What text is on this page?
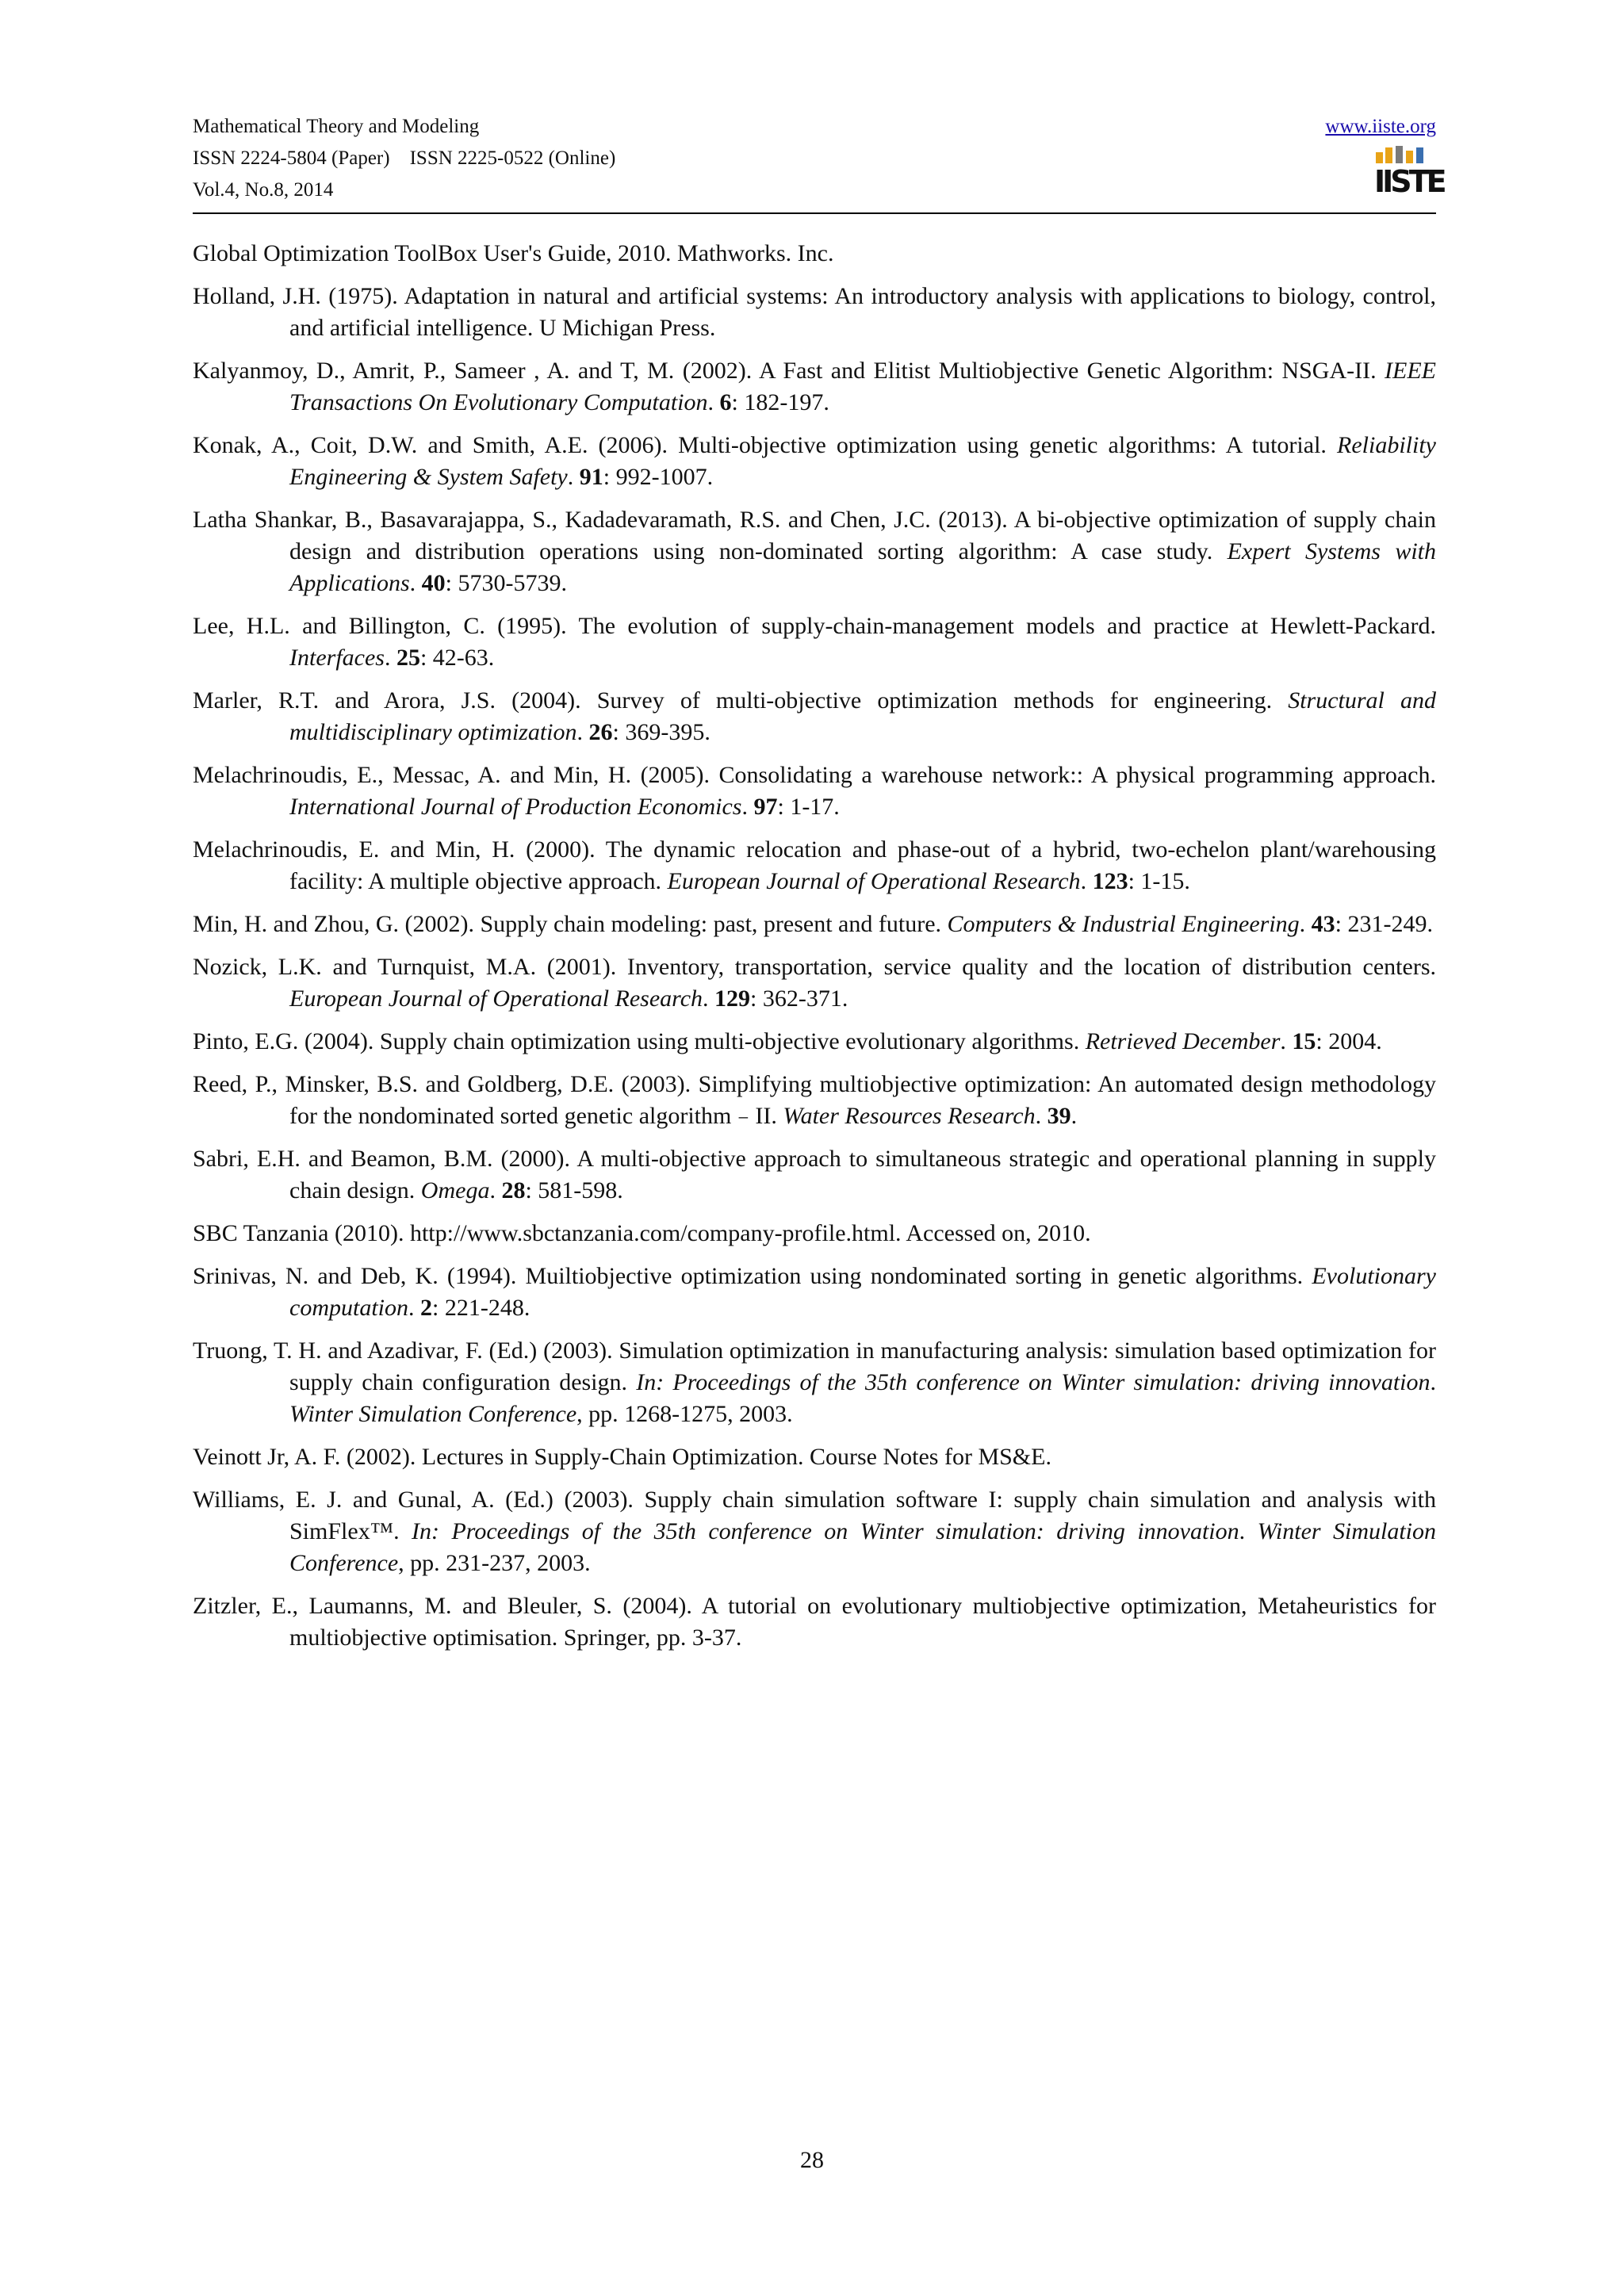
Mathematical Theory and Modeling
ISSN 2224-5804 (Paper)    ISSN 2225-0522 (Online)
Vol.4, No.8, 2014
www.iiste.org
IISTE

Global Optimization ToolBox User's Guide, 2010. Mathworks. Inc.

Holland, J.H. (1975). Adaptation in natural and artificial systems: An introductory analysis with applications to biology, control, and artificial intelligence. U Michigan Press.

Kalyanmoy, D., Amrit, P., Sameer , A. and T, M. (2002). A Fast and Elitist Multiobjective Genetic Algorithm: NSGA-II. IEEE Transactions On Evolutionary Computation. 6: 182-197.

Konak, A., Coit, D.W. and Smith, A.E. (2006). Multi-objective optimization using genetic algorithms: A tutorial. Reliability Engineering & System Safety. 91: 992-1007.

Latha Shankar, B., Basavarajappa, S., Kadadevaramath, R.S. and Chen, J.C. (2013). A bi-objective optimization of supply chain design and distribution operations using non-dominated sorting algorithm: A case study. Expert Systems with Applications. 40: 5730-5739.

Lee, H.L. and Billington, C. (1995). The evolution of supply-chain-management models and practice at Hewlett-Packard. Interfaces. 25: 42-63.

Marler, R.T. and Arora, J.S. (2004). Survey of multi-objective optimization methods for engineering. Structural and multidisciplinary optimization. 26: 369-395.

Melachrinoudis, E., Messac, A. and Min, H. (2005). Consolidating a warehouse network:: A physical programming approach. International Journal of Production Economics. 97: 1-17.

Melachrinoudis, E. and Min, H. (2000). The dynamic relocation and phase-out of a hybrid, two-echelon plant/warehousing facility: A multiple objective approach. European Journal of Operational Research. 123: 1-15.

Min, H. and Zhou, G. (2002). Supply chain modeling: past, present and future. Computers & Industrial Engineering. 43: 231-249.

Nozick, L.K. and Turnquist, M.A. (2001). Inventory, transportation, service quality and the location of distribution centers. European Journal of Operational Research. 129: 362-371.

Pinto, E.G. (2004). Supply chain optimization using multi-objective evolutionary algorithms. Retrieved December. 15: 2004.

Reed, P., Minsker, B.S. and Goldberg, D.E. (2003). Simplifying multiobjective optimization: An automated design methodology for the nondominated sorted genetic algorithm﹣II. Water Resources Research. 39.

Sabri, E.H. and Beamon, B.M. (2000). A multi-objective approach to simultaneous strategic and operational planning in supply chain design. Omega. 28: 581-598.

SBC Tanzania (2010). http://www.sbctanzania.com/company-profile.html. Accessed on, 2010.

Srinivas, N. and Deb, K. (1994). Muiltiobjective optimization using nondominated sorting in genetic algorithms. Evolutionary computation. 2: 221-248.

Truong, T. H. and Azadivar, F. (Ed.) (2003). Simulation optimization in manufacturing analysis: simulation based optimization for supply chain configuration design. In: Proceedings of the 35th conference on Winter simulation: driving innovation. Winter Simulation Conference, pp. 1268-1275, 2003.

Veinott Jr, A. F. (2002). Lectures in Supply-Chain Optimization. Course Notes for MS&E.

Williams, E. J. and Gunal, A. (Ed.) (2003). Supply chain simulation software I: supply chain simulation and analysis with SimFlex™. In: Proceedings of the 35th conference on Winter simulation: driving innovation. Winter Simulation Conference, pp. 231-237, 2003.

Zitzler, E., Laumanns, M. and Bleuler, S. (2004). A tutorial on evolutionary multiobjective optimization, Metaheuristics for multiobjective optimisation. Springer, pp. 3-37.

28
